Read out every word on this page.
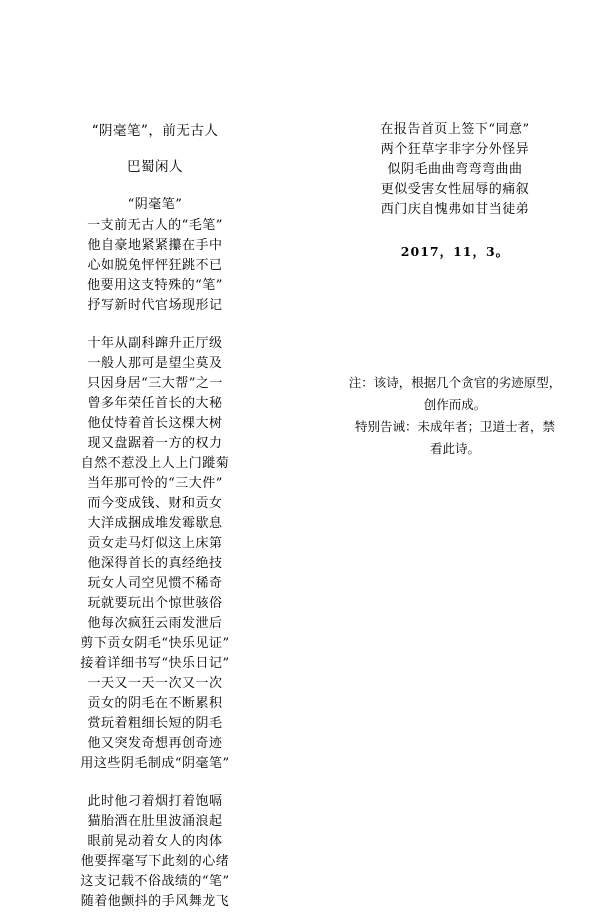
“阴毫笔”，前无古人
巴蜀闲人
“阴毫笔”
一支前无古人的“毛笔”
他自豪地紧紧攥在手中
心如脱兔怦怦狂跳不已
他要用这支特殊的“笔”
抒写新时代官场现形记
十年从副科蹿升正厅级
一般人那可是望尘莫及
只因身居“三大帮”之一
曾多年荣任首长的大秘
他仗恃着首长这棵大树
现又盘踞着一方的权力
自然不惹没上人上门蹝菊
当年那可怜的“三大件”
而今变成钱、财和贡女
大洋成捆成堆发霉歇息
贡女走马灯似这上床第
他深得首长的真经绝技
玩女人司空见惯不稀奇
玩就要玩出个惊世骇俗
他每次疯狂云雨发泄后
剪下贡女阴毛“快乐见证”
接着详细书写“快乐日记”
一天又一天一次又一次
贡女的阴毛在不断累积
赏玩着粗细长短的阴毛
他又突发奇想再创奇迹
用这些阴毛制成“阴毫笔”
此时他刁着烟打着饱嗝
猫胎酒在肚里波涌浪起
眼前晃动着女人的肉体
他要挥毫写下此刻的心绪
这支记载不俗战绩的“笔”
随着他颤抖的手风舞龙飞
在报告首页上签下“同意”
两个狂草字非字分外怪异
似阴毛曲曲弯弯弯曲曲
更似受害女性屈辱的痛叙
西门庆自愧弗如甘当徒弟
2017，11，3。
注：该诗，根据几个贪官的劣迹原型，
创作而成。
特别告诫：未成年者；卫道士者，禁
看此诗。
